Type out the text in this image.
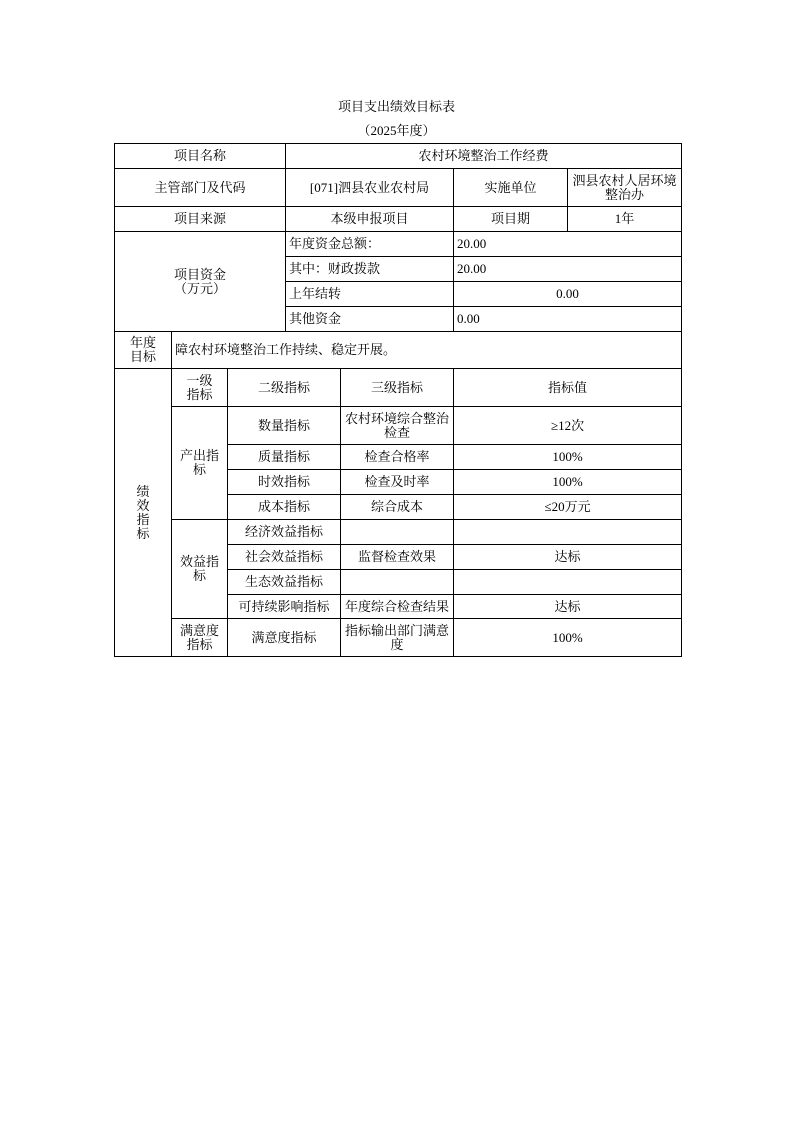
项目支出绩效目标表
（2025年度）
项目名称			农村环境整治工作经费			
主管部门及代码			[071]泗县农业农村局		实施单位	泗县农村人居环境整治办
项目来源			本级申报项目		项目期	1年
项目资金（万元）			年度资金总额：		20.00	
			其中：财政拨款		20.00	
			上年结转		0.00	
			其他资金		0.00	
年度目标	障农村环境整治工作持续、稳定开展。					
绩效指标	一级指标	二级指标		三级指标	指标值	
	产出指标	数量指标		农村环境综合整治检查	≥12次	
		质量指标		检查合格率	100%	
		时效指标		检查及时率	100%	
		成本指标		综合成本	≤20万元	
	效益指标	经济效益指标				
		社会效益指标		监督检查效果	达标	
		生态效益指标				
		可持续影响指标		年度综合检查结果	达标	
	满意度指标	满意度指标		指标输出部门满意度	100%	
